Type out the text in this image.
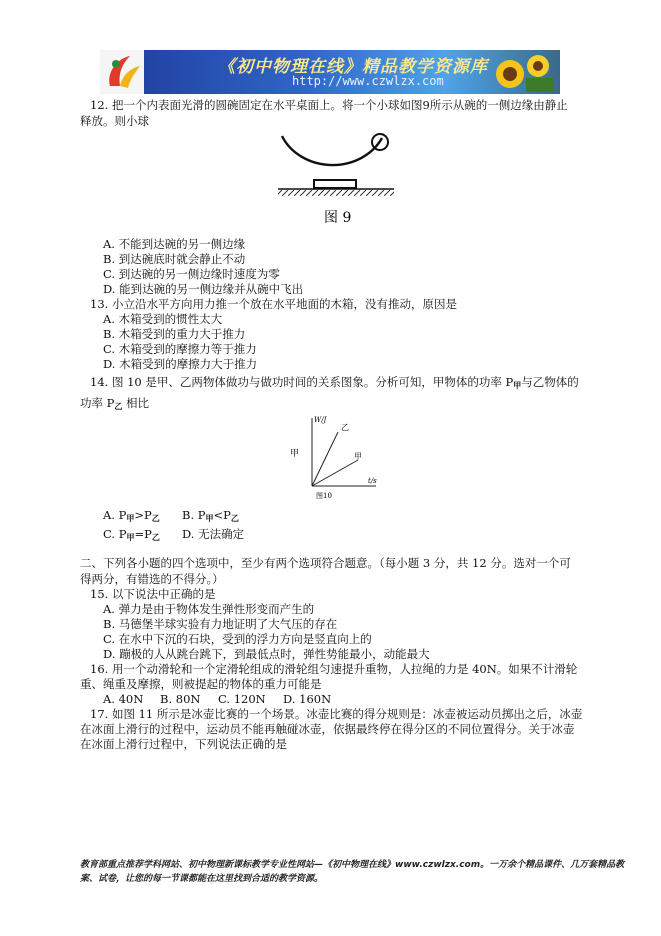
《初中物理在线》精品教学资源库
http://www.czwlzx.com
12. 把一个内表面光滑的圆碗固定在水平桌面上。将一个小球如图9所示从碗的一侧边缘由静止
释放。则小球
图 9
A. 不能到达碗的另一侧边缘
B. 到达碗底时就会静止不动
C. 到达碗的另一侧边缘时速度为零
D. 能到达碗的另一侧边缘并从碗中飞出
13. 小立沿水平方向用力推一个放在水平地面的木箱，没有推动，原因是
A. 木箱受到的惯性太大
B. 木箱受到的重力大于推力
C. 木箱受到的摩擦力等于推力
D. 木箱受到的摩擦力大于推力
14. 图 10 是甲、乙两物体做功与做功时间的关系图象。分析可知，甲物体的功率 $P_甲$与乙物体的
功率 $P_乙$ 相比
W/J
t/s
甲
乙
甲
图10
A. $P_甲>P_乙$ B. $P_甲<P_乙$
C. $P_甲=P_乙$ D. 无法确定
二、下列各小题的四个选项中，至少有两个选项符合题意。（每小题 3 分，共 12 分。选对一个可
得两分，有错选的不得分。）
15. 以下说法中正确的是
A. 弹力是由于物体发生弹性形变而产生的
B. 马德堡半球实验有力地证明了大气压的存在
C. 在水中下沉的石块，受到的浮力方向是竖直向上的
D. 蹦极的人从跳台跳下，到最低点时，弹性势能最小，动能最大
16. 用一个动滑轮和一个定滑轮组成的滑轮组匀速提升重物，人拉绳的力是 40N。如果不计滑轮
重、绳重及摩擦，则被提起的物体的重力可能是
A. 40N B. 80N C. 120N D. 160N
17. 如图 11 所示是冰壶比赛的一个场景。冰壶比赛的得分规则是：冰壶被运动员掷出之后，冰壶
在冰面上滑行的过程中，运动员不能再触碰冰壶，依据最终停在得分区的不同位置得分。关于冰壶
在冰面上滑行过程中，下列说法正确的是
教育部重点推荐学科网站、初中物理新课标教学专业性网站—《初中物理在线》www.czwlzx.com。一万余个精品课件、几万套精品教案、试卷，让您的每一节课都能在这里找到合适的教学资源。
